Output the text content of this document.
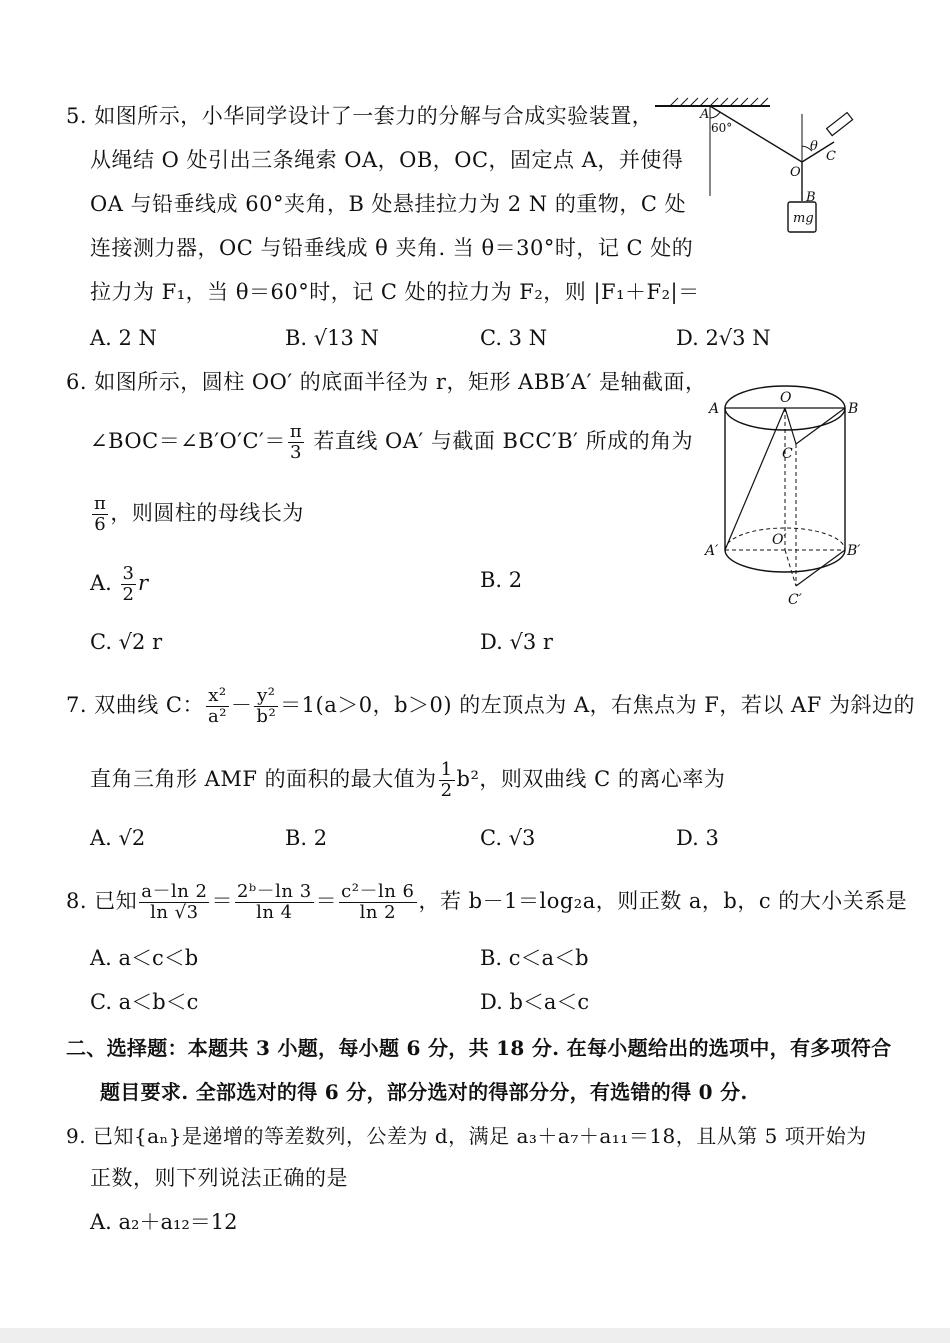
5. 如图所示，小华同学设计了一套力的分解与合成实验装置，
从绳结 O 处引出三条绳索 OA，OB，OC，固定点 A，并使得
OA 与铅垂线成 60°夹角，B 处悬挂拉力为 2 N 的重物，C 处
连接测力器，OC 与铅垂线成 θ 夹角. 当 θ＝30°时，记 C 处的
拉力为 F₁，当 θ＝60°时，记 C 处的拉力为 F₂，则 |F₁＋F₂|＝
A. 2 N	B. √13 N	C. 3 N	D. 2√3 N
A
60°
O
B
C
θ
mg
6. 如图所示，圆柱 OO′ 的底面半径为 r，矩形 ABB′A′ 是轴截面，
∠BOC＝∠B′O′C′＝ $\frac{\pi}{3}$ 若直线 OA′ 与截面 BCC′B′ 所成的角为
$\frac{\pi}{6}$ ，则圆柱的母线长为
A. $\frac{3}{2}$ r	B. 2
C. √2 r	D. √3 r
O
A	B
C
O′
A′	B′
C′
7. 双曲线 C： $\frac{\text{x²}}{\text{a²}} - \frac{\text{y²}}{\text{b²}} =1(a>0$，b＞0) 的左顶点为 A，右焦点为 F，若以 AF 为斜边的
直角三角形 AMF 的面积的最大值为 $\frac{1}{2} b^2$，则双曲线 C 的离心率为
A. √2	B. 2	C. √3	D. 3
8. 已知 $\frac{a-\ln 2}{\ln √3} = \frac{\text{2ᵇ－ln 3}}{\ln 4} = \frac{\text{c²－ln 6}}{\ln 2}$ ，若 b－1＝log₂a，则正数 a，b，c 的大小关系是
A. a＜c＜b	B. c＜a＜b
C. a＜b＜c	D. b＜a＜c
二、选择题：本题共 3 小题，每小题 6 分，共 18 分. 在每小题给出的选项中，有多项符合
题目要求. 全部选对的得 6 分，部分选对的得部分分，有选错的得 0 分.
9. 已知{aₙ}是递增的等差数列，公差为 d，满足 a₃＋a₇＋a₁₁＝18，且从第 5 项开始为
正数，则下列说法正确的是
A. a₂＋a₁₂＝12
